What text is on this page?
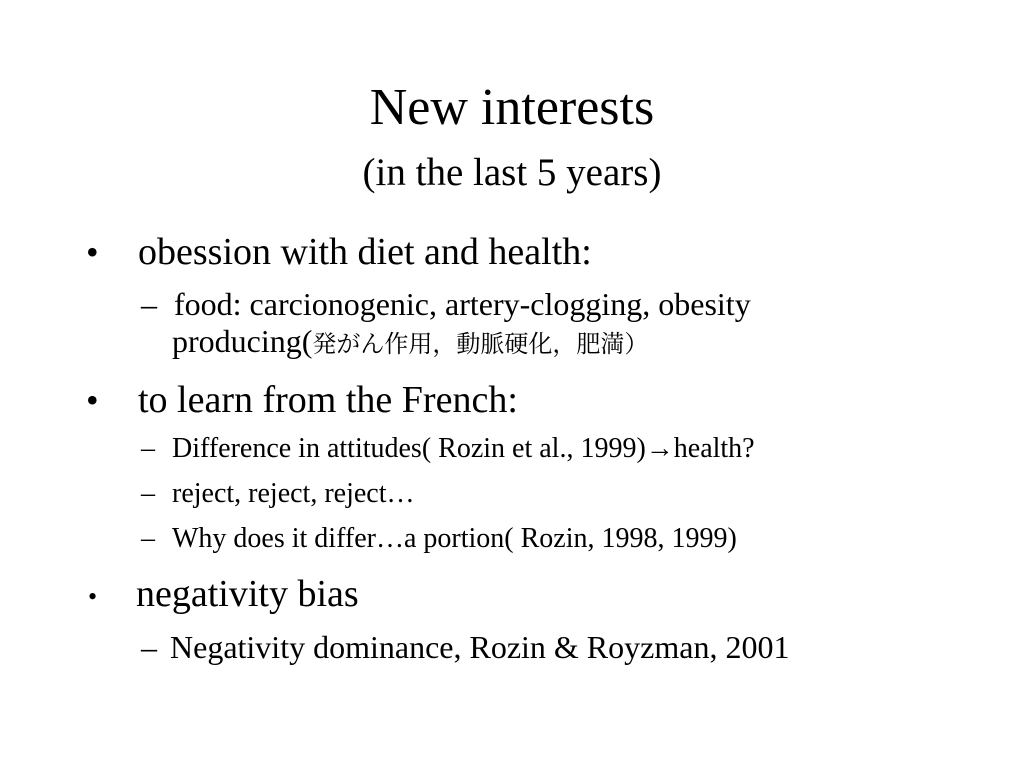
New interests
(in the last 5 years)
• obession with diet and health:
– food: carcionogenic, artery-clogging, obesity
producing(発がん作用，動脈硬化，肥満）
• to learn from the French:
– Difference in attitudes( Rozin et al., 1999)→health?
– reject, reject, reject…
– Why does it differ…a portion( Rozin, 1998, 1999)
• negativity bias
– Negativity dominance, Rozin & Royzman, 2001
